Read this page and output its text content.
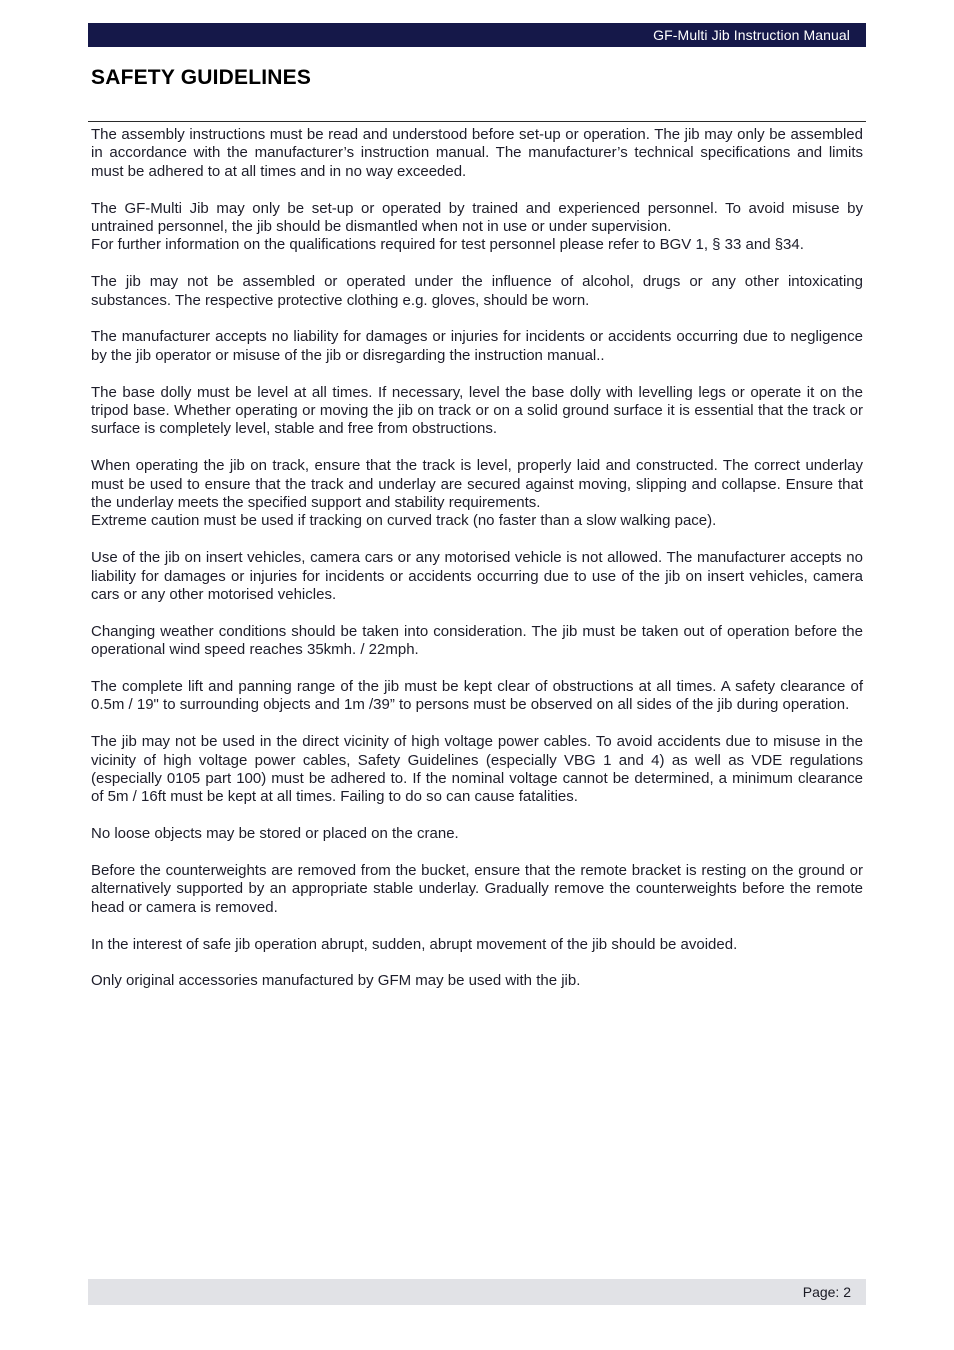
GF-Multi Jib Instruction Manual
SAFETY GUIDELINES

The assembly instructions must be read and understood before set-up or operation. The jib may only be assembled in accordance with the manufacturer’s instruction manual. The manufacturer’s technical specifications and limits must be adhered to at all times and in no way exceeded.

The GF-Multi Jib may only be set-up or operated by trained and experienced personnel. To avoid misuse by untrained personnel, the jib should be dismantled when not in use or under supervision.
For further information on the qualifications required for test personnel please refer to BGV 1, § 33 and §34.

The jib may not be assembled or operated under the influence of alcohol, drugs or any other intoxicating substances. The respective protective clothing e.g. gloves, should be worn.

The manufacturer accepts no liability for damages or injuries for incidents or accidents occurring due to negligence by the jib operator or misuse of the jib or disregarding the instruction manual..

The base dolly must be level at all times. If necessary, level the base dolly with levelling legs or operate it on the tripod base. Whether operating or moving the jib on track or on a solid ground surface it is essential that the track or surface is completely level, stable and free from obstructions.

When operating the jib on track, ensure that the track is level, properly laid and constructed. The correct underlay must be used to ensure that the track and underlay are secured against moving, slipping and collapse. Ensure that the underlay meets the specified support and stability requirements.
Extreme caution must be used if tracking on curved track (no faster than a slow walking pace).

Use of the jib on insert vehicles, camera cars or any motorised vehicle is not allowed. The manufacturer accepts no liability for damages or injuries for incidents or accidents occurring due to use of the jib on insert vehicles, camera cars or any other motorised vehicles.

Changing weather conditions should be taken into consideration. The jib must be taken out of operation before the operational wind speed reaches 35kmh. / 22mph.

The complete lift and panning range of the jib must be kept clear of obstructions at all times. A safety clearance of 0.5m / 19" to surrounding objects and 1m /39” to persons must be observed on all sides of the jib during operation.

The jib may not be used in the direct vicinity of high voltage power cables. To avoid accidents due to misuse in the vicinity of high voltage power cables, Safety Guidelines (especially VBG 1 and 4) as well as VDE regulations (especially 0105 part 100) must be adhered to. If the nominal voltage cannot be determined, a minimum clearance of 5m / 16ft must be kept at all times. Failing to do so can cause fatalities.

No loose objects may be stored or placed on the crane.

Before the counterweights are removed from the bucket, ensure that the remote bracket is resting on the ground or alternatively supported by an appropriate stable underlay. Gradually remove the counterweights before the remote head or camera is removed.

In the interest of safe jib operation abrupt, sudden, abrupt movement of the jib should be avoided.

Only original accessories manufactured by GFM may be used with the jib.

Page: 2
